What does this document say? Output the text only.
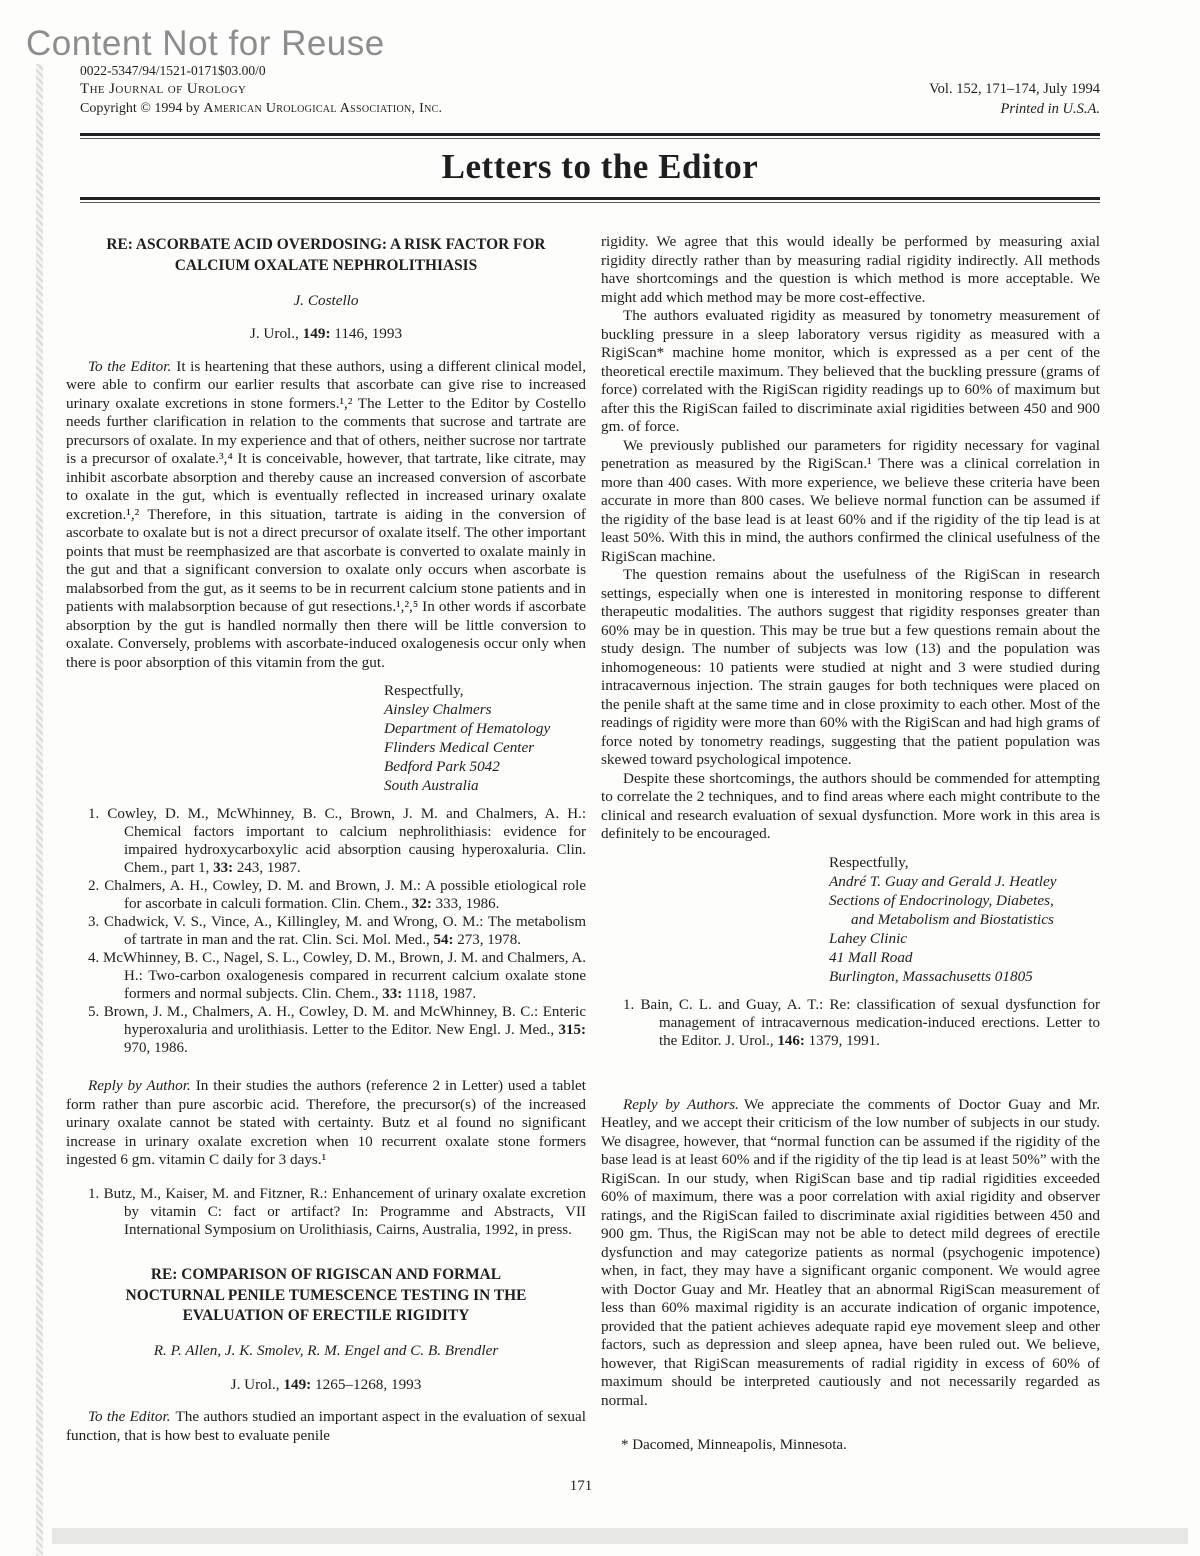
Content Not for Reuse
0022-5347/94/1521-0171$03.00/0
The Journal of Urology
Copyright © 1994 by American Urological Association, Inc.
Vol. 152, 171–174, July 1994
Printed in U.S.A.
Letters to the Editor
RE: ASCORBATE ACID OVERDOSING: A RISK FACTOR FOR CALCIUM OXALATE NEPHROLITHIASIS
J. Costello
J. Urol., 149: 1146, 1993

To the Editor. It is heartening that these authors, using a different clinical model, were able to confirm our earlier results that ascorbate can give rise to increased urinary oxalate excretions in stone formers.¹,² The Letter to the Editor by Costello needs further clarification in relation to the comments that sucrose and tartrate are precursors of oxalate. In my experience and that of others, neither sucrose nor tartrate is a precursor of oxalate.³,⁴ It is conceivable, however, that tartrate, like citrate, may inhibit ascorbate absorption and thereby cause an increased conversion of ascorbate to oxalate in the gut, which is eventually reflected in increased urinary oxalate excretion.¹,² Therefore, in this situation, tartrate is aiding in the conversion of ascorbate to oxalate but is not a direct precursor of oxalate itself. The other important points that must be reemphasized are that ascorbate is converted to oxalate mainly in the gut and that a significant conversion to oxalate only occurs when ascorbate is malabsorbed from the gut, as it seems to be in recurrent calcium stone patients and in patients with malabsorption because of gut resections.¹,²,⁵ In other words if ascorbate absorption by the gut is handled normally then there will be little conversion to oxalate. Conversely, problems with ascorbate-induced oxalogenesis occur only when there is poor absorption of this vitamin from the gut.

Respectfully,
Ainsley Chalmers
Department of Hematology
Flinders Medical Center
Bedford Park 5042
South Australia

1. Cowley, D. M., McWhinney, B. C., Brown, J. M. and Chalmers, A. H.: Chemical factors important to calcium nephrolithiasis: evidence for impaired hydroxycarboxylic acid absorption causing hyperoxaluria. Clin. Chem., part 1, 33: 243, 1987.

2. Chalmers, A. H., Cowley, D. M. and Brown, J. M.: A possible etiological role for ascorbate in calculi formation. Clin. Chem., 32: 333, 1986.

3. Chadwick, V. S., Vince, A., Killingley, M. and Wrong, O. M.: The metabolism of tartrate in man and the rat. Clin. Sci. Mol. Med., 54: 273, 1978.

4. McWhinney, B. C., Nagel, S. L., Cowley, D. M., Brown, J. M. and Chalmers, A. H.: Two-carbon oxalogenesis compared in recurrent calcium oxalate stone formers and normal subjects. Clin. Chem., 33: 1118, 1987.

5. Brown, J. M., Chalmers, A. H., Cowley, D. M. and McWhinney, B. C.: Enteric hyperoxaluria and urolithiasis. Letter to the Editor. New Engl. J. Med., 315: 970, 1986.

Reply by Author. In their studies the authors (reference 2 in Letter) used a tablet form rather than pure ascorbic acid. Therefore, the precursor(s) of the increased urinary oxalate cannot be stated with certainty. Butz et al found no significant increase in urinary oxalate excretion when 10 recurrent oxalate stone formers ingested 6 gm. vitamin C daily for 3 days.¹

1. Butz, M., Kaiser, M. and Fitzner, R.: Enhancement of urinary oxalate excretion by vitamin C: fact or artifact? In: Programme and Abstracts, VII International Symposium on Urolithiasis, Cairns, Australia, 1992, in press.

RE: COMPARISON OF RIGISCAN AND FORMAL NOCTURNAL PENILE TUMESCENCE TESTING IN THE EVALUATION OF ERECTILE RIGIDITY
R. P. Allen, J. K. Smolev, R. M. Engel and C. B. Brendler
J. Urol., 149: 1265–1268, 1993

To the Editor. The authors studied an important aspect in the evaluation of sexual function, that is how best to evaluate penile

rigidity. We agree that this would ideally be performed by measuring axial rigidity directly rather than by measuring radial rigidity indirectly. All methods have shortcomings and the question is which method is more acceptable. We might add which method may be more cost-effective.

The authors evaluated rigidity as measured by tonometry measurement of buckling pressure in a sleep laboratory versus rigidity as measured with a RigiScan* machine home monitor, which is expressed as a per cent of the theoretical erectile maximum. They believed that the buckling pressure (grams of force) correlated with the RigiScan rigidity readings up to 60% of maximum but after this the RigiScan failed to discriminate axial rigidities between 450 and 900 gm. of force.

We previously published our parameters for rigidity necessary for vaginal penetration as measured by the RigiScan.¹ There was a clinical correlation in more than 400 cases. With more experience, we believe these criteria have been accurate in more than 800 cases. We believe normal function can be assumed if the rigidity of the base lead is at least 60% and if the rigidity of the tip lead is at least 50%. With this in mind, the authors confirmed the clinical usefulness of the RigiScan machine.

The question remains about the usefulness of the RigiScan in research settings, especially when one is interested in monitoring response to different therapeutic modalities. The authors suggest that rigidity responses greater than 60% may be in question. This may be true but a few questions remain about the study design. The number of subjects was low (13) and the population was inhomogeneous: 10 patients were studied at night and 3 were studied during intracavernous injection. The strain gauges for both techniques were placed on the penile shaft at the same time and in close proximity to each other. Most of the readings of rigidity were more than 60% with the RigiScan and had high grams of force noted by tonometry readings, suggesting that the patient population was skewed toward psychological impotence.

Despite these shortcomings, the authors should be commended for attempting to correlate the 2 techniques, and to find areas where each might contribute to the clinical and research evaluation of sexual dysfunction. More work in this area is definitely to be encouraged.

Respectfully,
André T. Guay and Gerald J. Heatley
Sections of Endocrinology, Diabetes,
and Metabolism and Biostatistics
Lahey Clinic
41 Mall Road
Burlington, Massachusetts 01805

1. Bain, C. L. and Guay, A. T.: Re: classification of sexual dysfunction for management of intracavernous medication-induced erections. Letter to the Editor. J. Urol., 146: 1379, 1991.

Reply by Authors. We appreciate the comments of Doctor Guay and Mr. Heatley, and we accept their criticism of the low number of subjects in our study. We disagree, however, that “normal function can be assumed if the rigidity of the base lead is at least 60% and if the rigidity of the tip lead is at least 50%” with the RigiScan. In our study, when RigiScan base and tip radial rigidities exceeded 60% of maximum, there was a poor correlation with axial rigidity and observer ratings, and the RigiScan failed to discriminate axial rigidities between 450 and 900 gm. Thus, the RigiScan may not be able to detect mild degrees of erectile dysfunction and may categorize patients as normal (psychogenic impotence) when, in fact, they may have a significant organic component. We would agree with Doctor Guay and Mr. Heatley that an abnormal RigiScan measurement of less than 60% maximal rigidity is an accurate indication of organic impotence, provided that the patient achieves adequate rapid eye movement sleep and other factors, such as depression and sleep apnea, have been ruled out. We believe, however, that RigiScan measurements of radial rigidity in excess of 60% of maximum should be interpreted cautiously and not necessarily regarded as normal.

* Dacomed, Minneapolis, Minnesota.

171
